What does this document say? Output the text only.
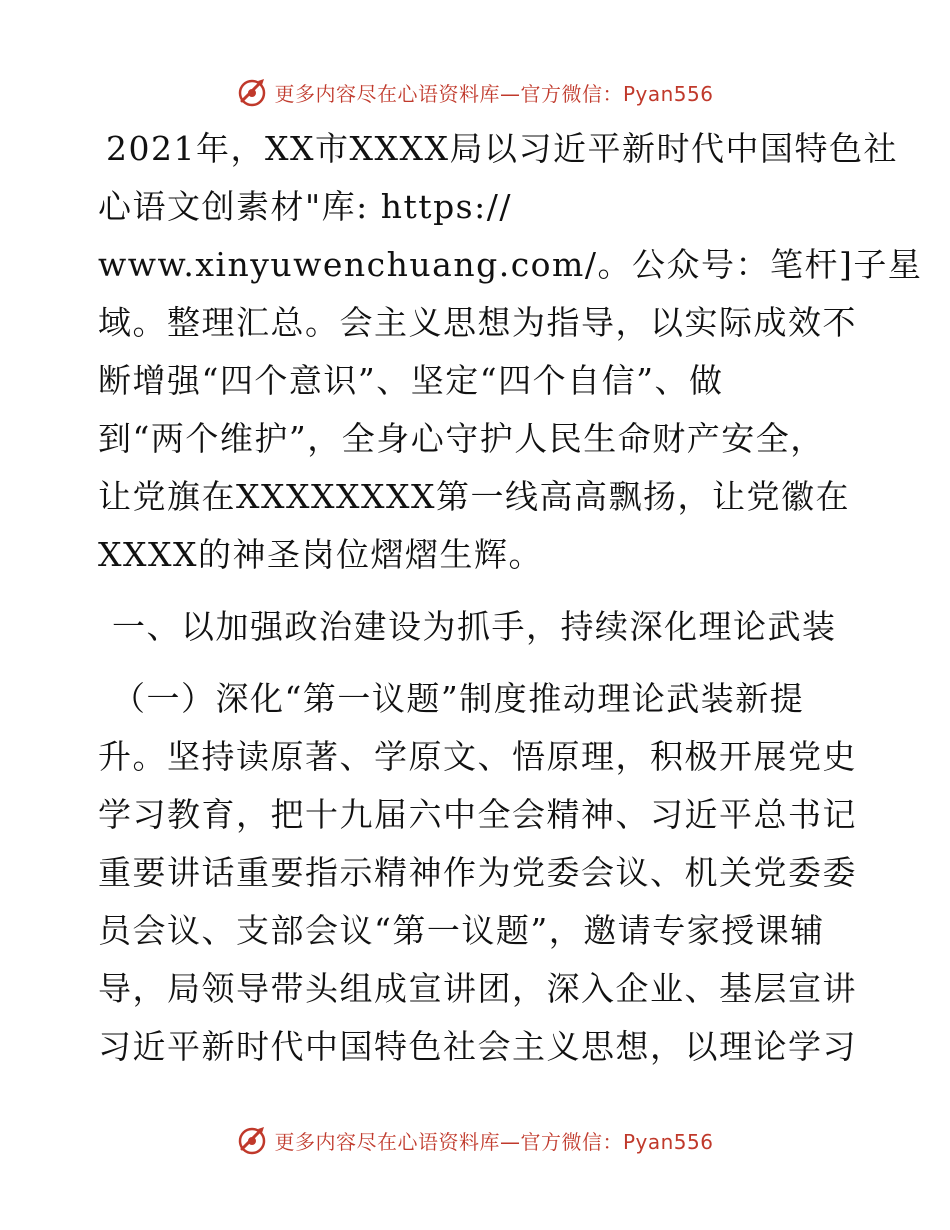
更多内容尽在心语资料库—官方微信：Pyan556
2021年，XX市XXXX局以习近平新时代中国特色社
心语文创素材"库: https://
www.xinyuwenchuang.com/。公众号：笔杆]子星
域。整理汇总。会主义思想为指导，以实际成效不
断增强“四个意识”、坚定“四个自信”、做
到“两个维护”，全身心守护人民生命财产安全，
让党旗在XXXXXXXX第一线高高飘扬，让党徽在
XXXX的神圣岗位熠熠生辉。
一、以加强政治建设为抓手，持续深化理论武装
（一）深化“第一议题”制度推动理论武装新提
升。坚持读原著、学原文、悟原理，积极开展党史
学习教育，把十九届六中全会精神、习近平总书记
重要讲话重要指示精神作为党委会议、机关党委委
员会议、支部会议“第一议题”，邀请专家授课辅
导，局领导带头组成宣讲团，深入企业、基层宣讲
习近平新时代中国特色社会主义思想，以理论学习
更多内容尽在心语资料库—官方微信：Pyan556
